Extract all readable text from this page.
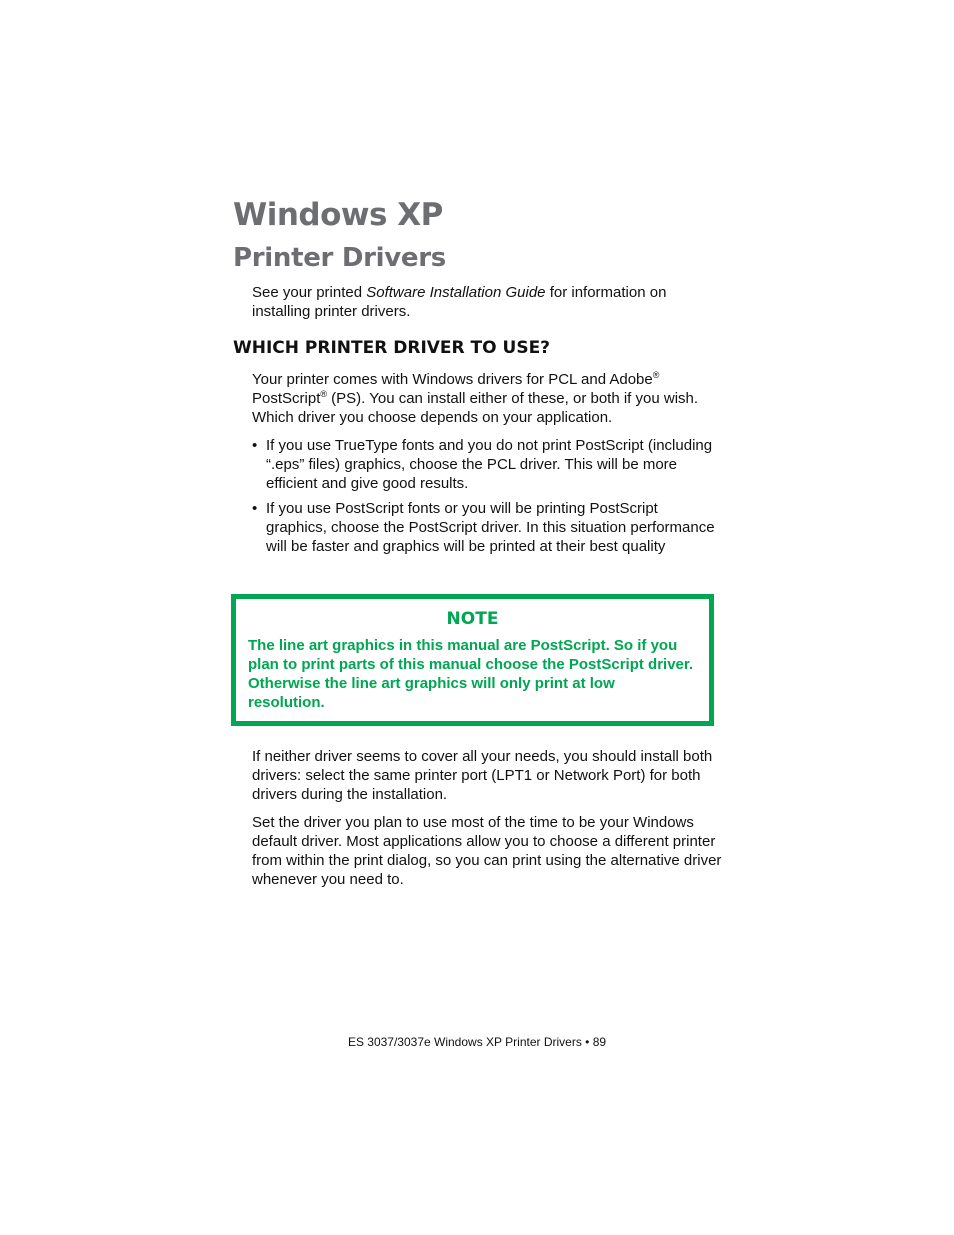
Windows XP
Printer Drivers

See your printed Software Installation Guide for information on installing printer drivers.

WHICH PRINTER DRIVER TO USE?

Your printer comes with Windows drivers for PCL and Adobe®
PostScript® (PS). You can install either of these, or both if you wish. Which driver you choose depends on your application.

• If you use TrueType fonts and you do not print PostScript (including “.eps” files) graphics, choose the PCL driver. This will be more efficient and give good results.
• If you use PostScript fonts or you will be printing PostScript graphics, choose the PostScript driver. In this situation performance will be faster and graphics will be printed at their best quality
NOTE
The line art graphics in this manual are PostScript. So if you plan to print parts of this manual choose the PostScript driver. Otherwise the line art graphics will only print at low resolution.

If neither driver seems to cover all your needs, you should install both drivers: select the same printer port (LPT1 or Network Port) for both drivers during the installation.

Set the driver you plan to use most of the time to be your Windows default driver. Most applications allow you to choose a different printer from within the print dialog, so you can print using the alternative driver whenever you need to.

ES 3037/3037e Windows XP Printer Drivers • 89
